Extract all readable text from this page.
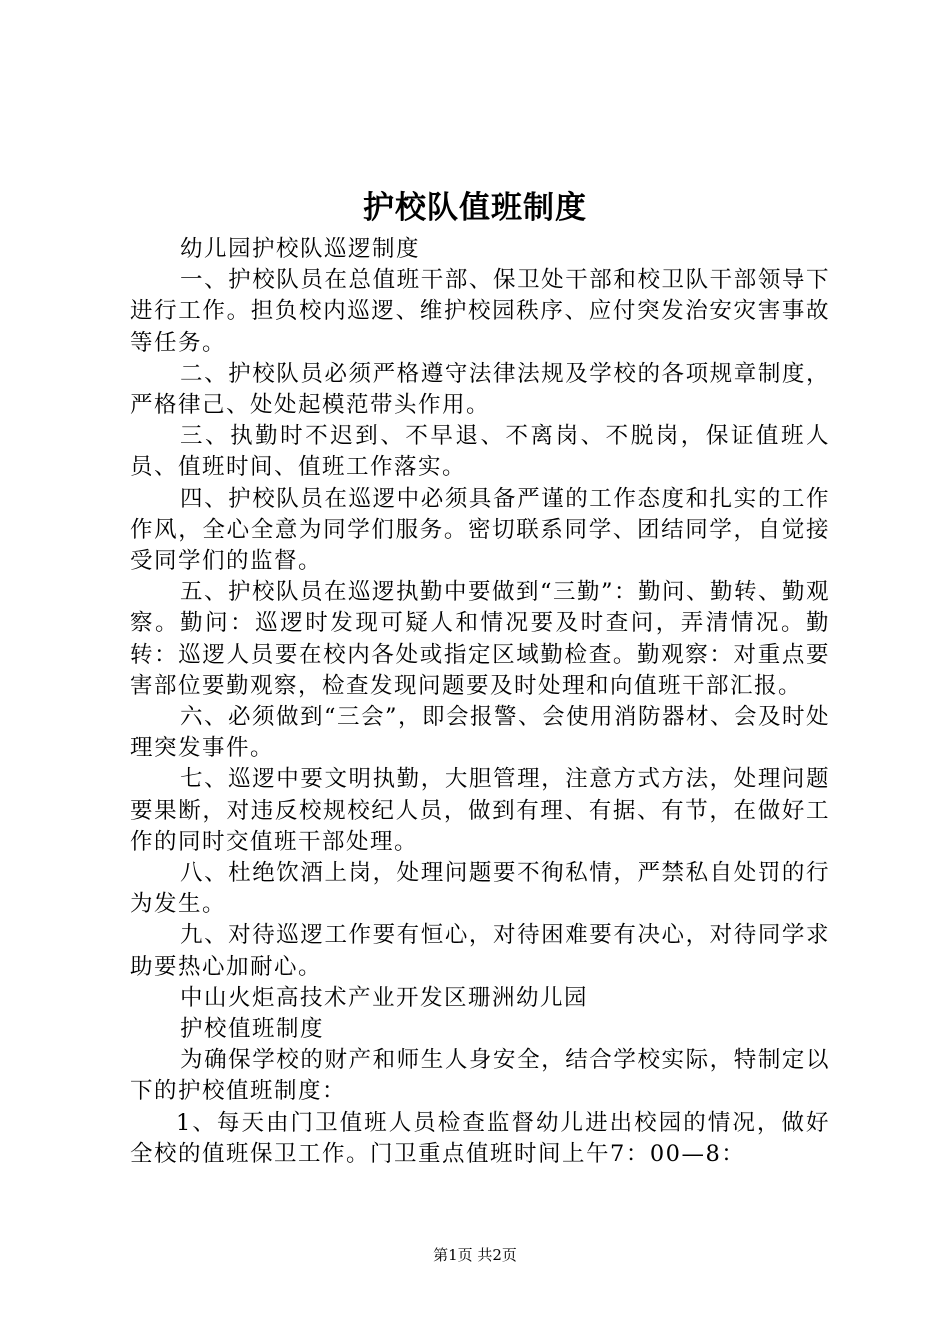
护校队值班制度

幼儿园护校队巡逻制度

一、护校队员在总值班干部、保卫处干部和校卫队干部领导下进行工作。担负校内巡逻、维护校园秩序、应付突发治安灾害事故等任务。

二、护校队员必须严格遵守法律法规及学校的各项规章制度，严格律己、处处起模范带头作用。

三、执勤时不迟到、不早退、不离岗、不脱岗，保证值班人员、值班时间、值班工作落实。

四、护校队员在巡逻中必须具备严谨的工作态度和扎实的工作作风，全心全意为同学们服务。密切联系同学、团结同学，自觉接受同学们的监督。

五、护校队员在巡逻执勤中要做到“三勤”：勤问、勤转、勤观察。勤问：巡逻时发现可疑人和情况要及时查问，弄清情况。勤转：巡逻人员要在校内各处或指定区域勤检查。勤观察：对重点要害部位要勤观察，检查发现问题要及时处理和向值班干部汇报。

六、必须做到“三会”，即会报警、会使用消防器材、会及时处理突发事件。

七、巡逻中要文明执勤，大胆管理，注意方式方法，处理问题要果断，对违反校规校纪人员，做到有理、有据、有节，在做好工作的同时交值班干部处理。

八、杜绝饮酒上岗，处理问题要不徇私情，严禁私自处罚的行为发生。

九、对待巡逻工作要有恒心，对待困难要有决心，对待同学求助要热心加耐心。

中山火炬高技术产业开发区珊洲幼儿园

护校值班制度

为确保学校的财产和师生人身安全，结合学校实际，特制定以下的护校值班制度：

1、每天由门卫值班人员检查监督幼儿进出校园的情况，做好全校的值班保卫工作。门卫重点值班时间上午7：00—8：

第1页 共2页
